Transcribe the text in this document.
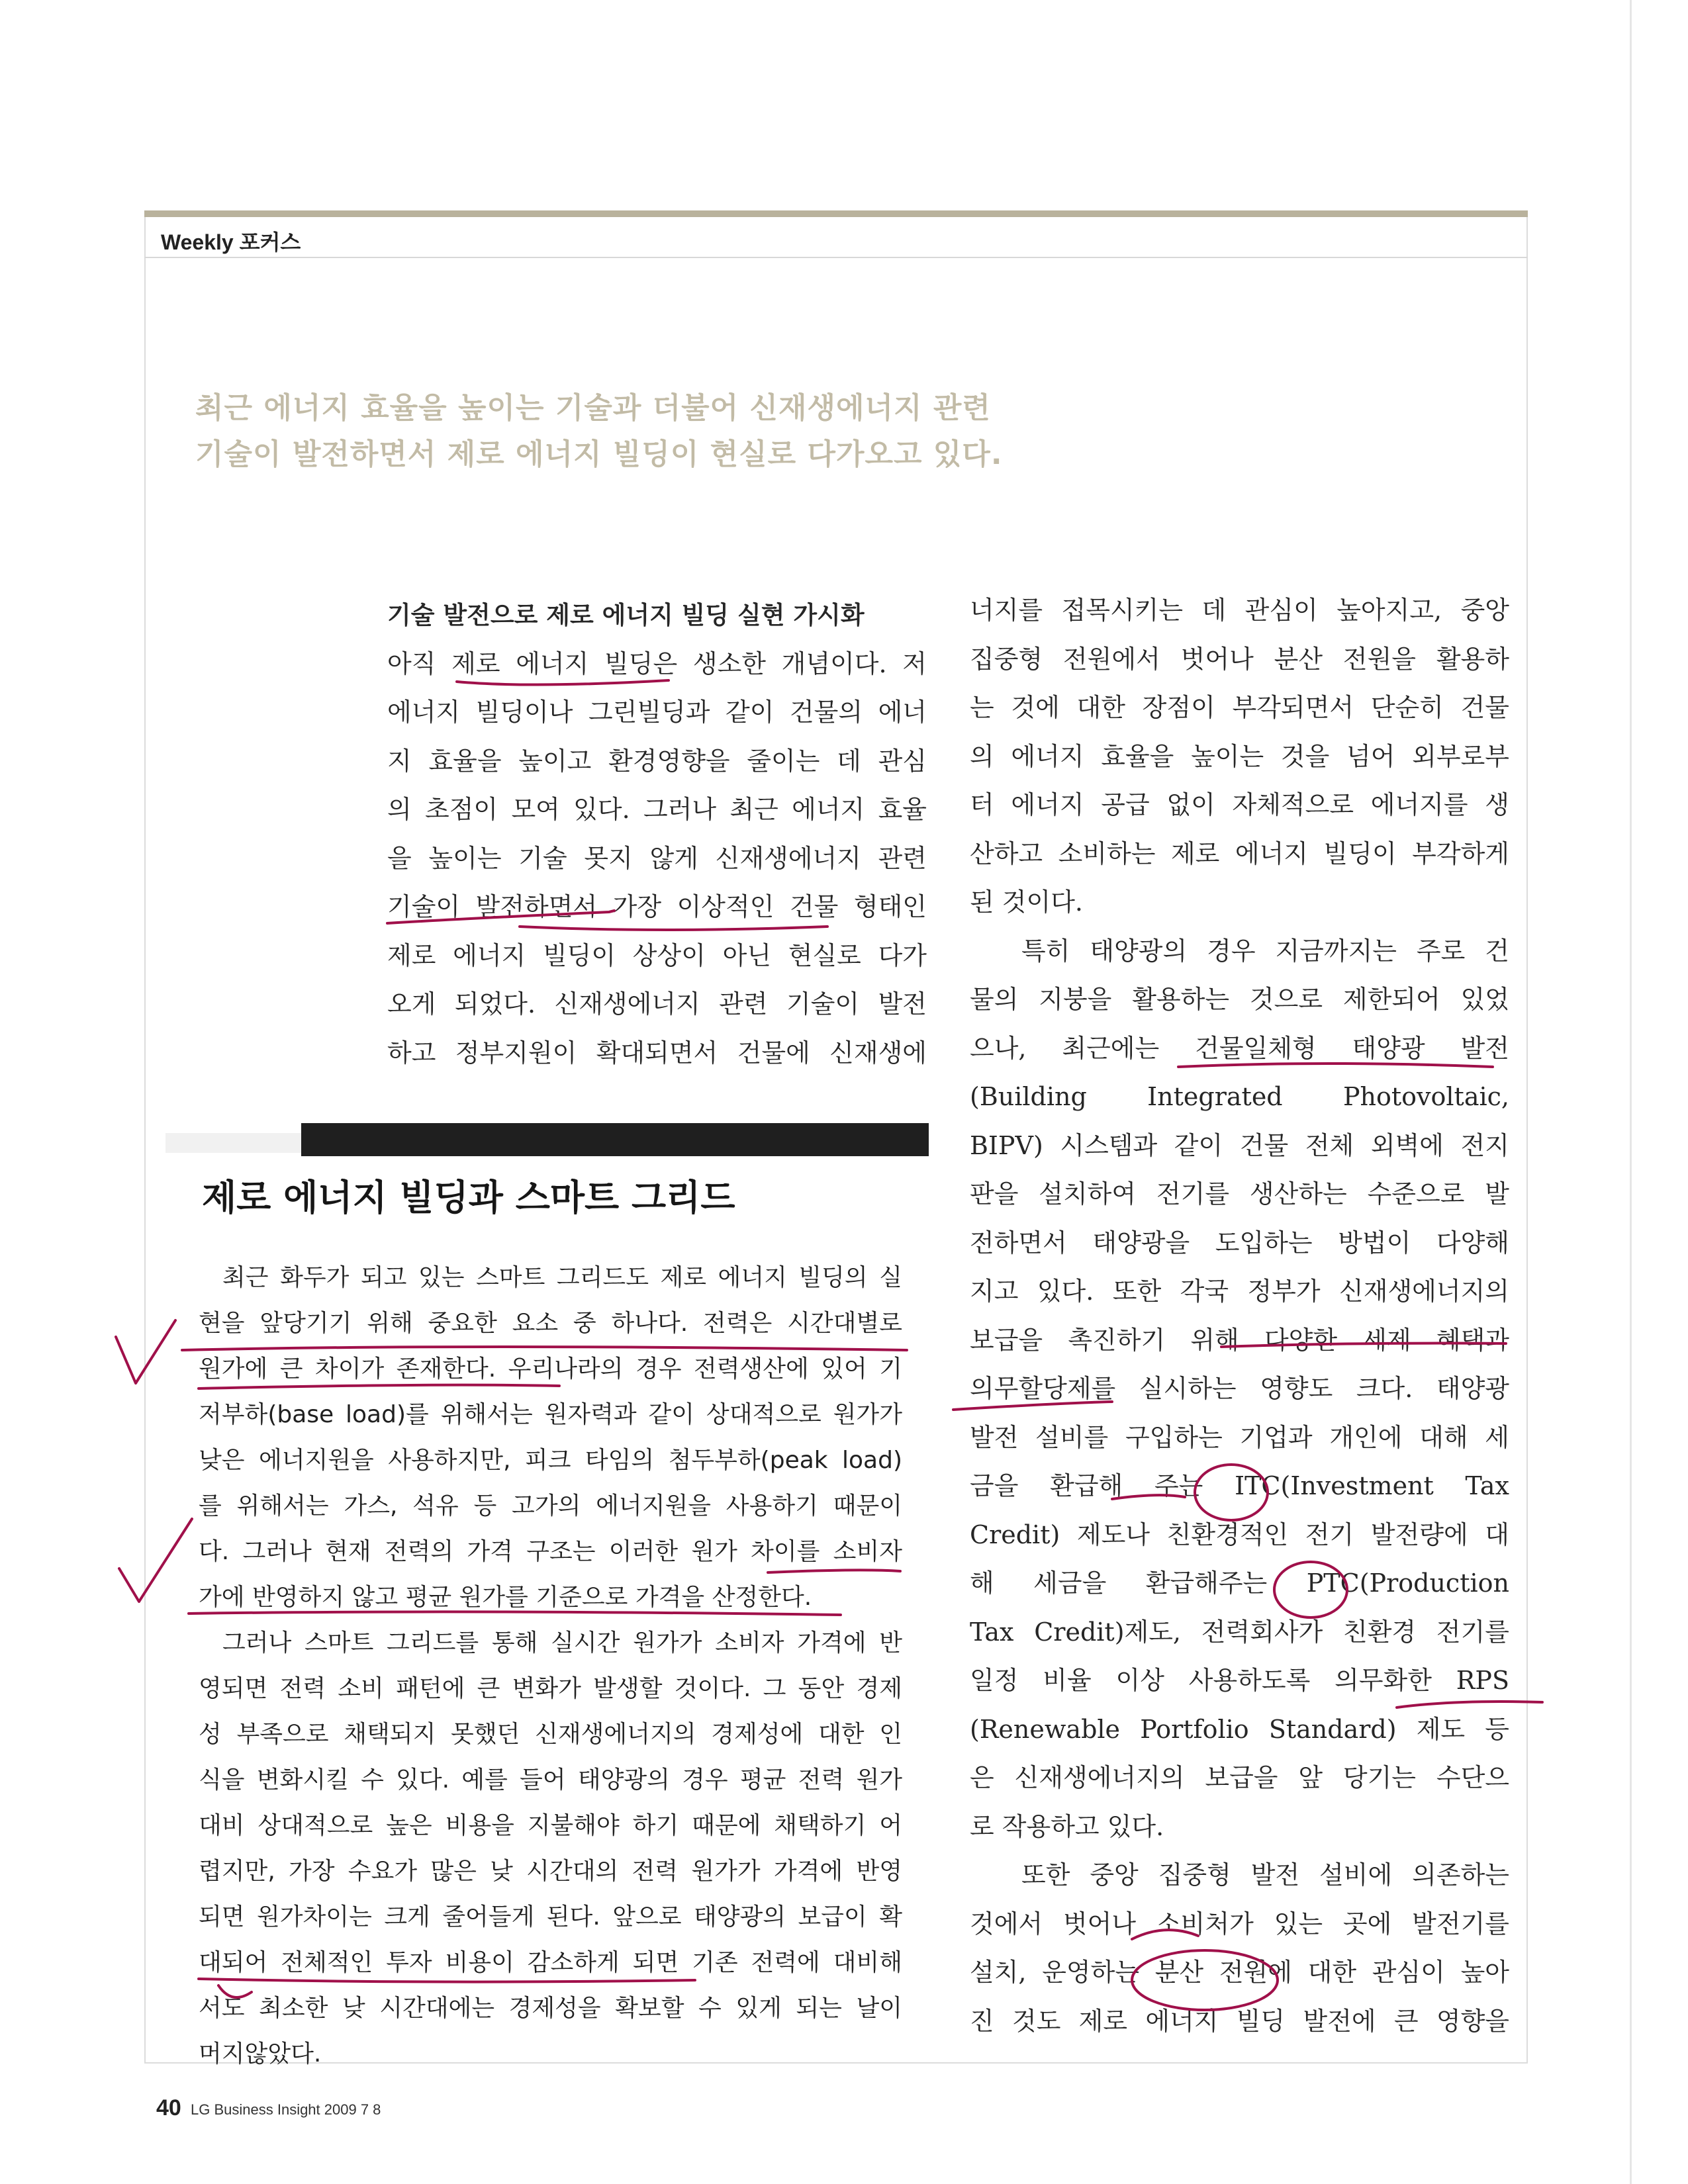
Weekly 포커스
최근 에너지 효율을 높이는 기술과 더불어 신재생에너지 관련
기술이 발전하면서 제로 에너지 빌딩이 현실로 다가오고 있다.
기술 발전으로 제로 에너지 빌딩 실현 가시화
아직 제로 에너지 빌딩은 생소한 개념이다. 저
에너지 빌딩이나 그린빌딩과 같이 건물의 에너
지 효율을 높이고 환경영향을 줄이는 데 관심
의 초점이 모여 있다. 그러나 최근 에너지 효율
을 높이는 기술 못지 않게 신재생에너지 관련
기술이 발전하면서 가장 이상적인 건물 형태인
제로 에너지 빌딩이 상상이 아닌 현실로 다가
오게 되었다. 신재생에너지 관련 기술이 발전
하고 정부지원이 확대되면서 건물에 신재생에
너지를 접목시키는 데 관심이 높아지고, 중앙
집중형 전원에서 벗어나 분산 전원을 활용하
는 것에 대한 장점이 부각되면서 단순히 건물
의 에너지 효율을 높이는 것을 넘어 외부로부
터 에너지 공급 없이 자체적으로 에너지를 생
산하고 소비하는 제로 에너지 빌딩이 부각하게
된 것이다.
특히 태양광의 경우 지금까지는 주로 건
물의 지붕을 활용하는 것으로 제한되어 있었
으나, 최근에는 건물일체형 태양광 발전
(Building Integrated Photovoltaic,
BIPV) 시스템과 같이 건물 전체 외벽에 전지
판을 설치하여 전기를 생산하는 수준으로 발
전하면서 태양광을 도입하는 방법이 다양해
지고 있다. 또한 각국 정부가 신재생에너지의
보급을 촉진하기 위해 다양한 세제 혜택과
의무할당제를 실시하는 영향도 크다. 태양광
발전 설비를 구입하는 기업과 개인에 대해 세
금을 환급해 주는 ITC(Investment Tax
Credit) 제도나 친환경적인 전기 발전량에 대
해 세금을 환급해주는 PTC(Production
Tax Credit)제도, 전력회사가 친환경 전기를
일정 비율 이상 사용하도록 의무화한 RPS
(Renewable Portfolio Standard) 제도 등
은 신재생에너지의 보급을 앞 당기는 수단으
로 작용하고 있다.
또한 중앙 집중형 발전 설비에 의존하는
것에서 벗어나 소비처가 있는 곳에 발전기를
설치, 운영하는 분산 전원에 대한 관심이 높아
진 것도 제로 에너지 빌딩 발전에 큰 영향을
제로 에너지 빌딩과 스마트 그리드
최근 화두가 되고 있는 스마트 그리드도 제로 에너지 빌딩의 실
현을 앞당기기 위해 중요한 요소 중 하나다. 전력은 시간대별로
원가에 큰 차이가 존재한다. 우리나라의 경우 전력생산에 있어 기
저부하(base load)를 위해서는 원자력과 같이 상대적으로 원가가
낮은 에너지원을 사용하지만, 피크 타임의 첨두부하(peak load)
를 위해서는 가스, 석유 등 고가의 에너지원을 사용하기 때문이
다. 그러나 현재 전력의 가격 구조는 이러한 원가 차이를 소비자
가에 반영하지 않고 평균 원가를 기준으로 가격을 산정한다.
그러나 스마트 그리드를 통해 실시간 원가가 소비자 가격에 반
영되면 전력 소비 패턴에 큰 변화가 발생할 것이다. 그 동안 경제
성 부족으로 채택되지 못했던 신재생에너지의 경제성에 대한 인
식을 변화시킬 수 있다. 예를 들어 태양광의 경우 평균 전력 원가
대비 상대적으로 높은 비용을 지불해야 하기 때문에 채택하기 어
렵지만, 가장 수요가 많은 낮 시간대의 전력 원가가 가격에 반영
되면 원가차이는 크게 줄어들게 된다. 앞으로 태양광의 보급이 확
대되어 전체적인 투자 비용이 감소하게 되면 기존 전력에 대비해
서도 최소한 낮 시간대에는 경제성을 확보할 수 있게 되는 날이
머지않았다.
40 LG Business Insight 2009 7 8
